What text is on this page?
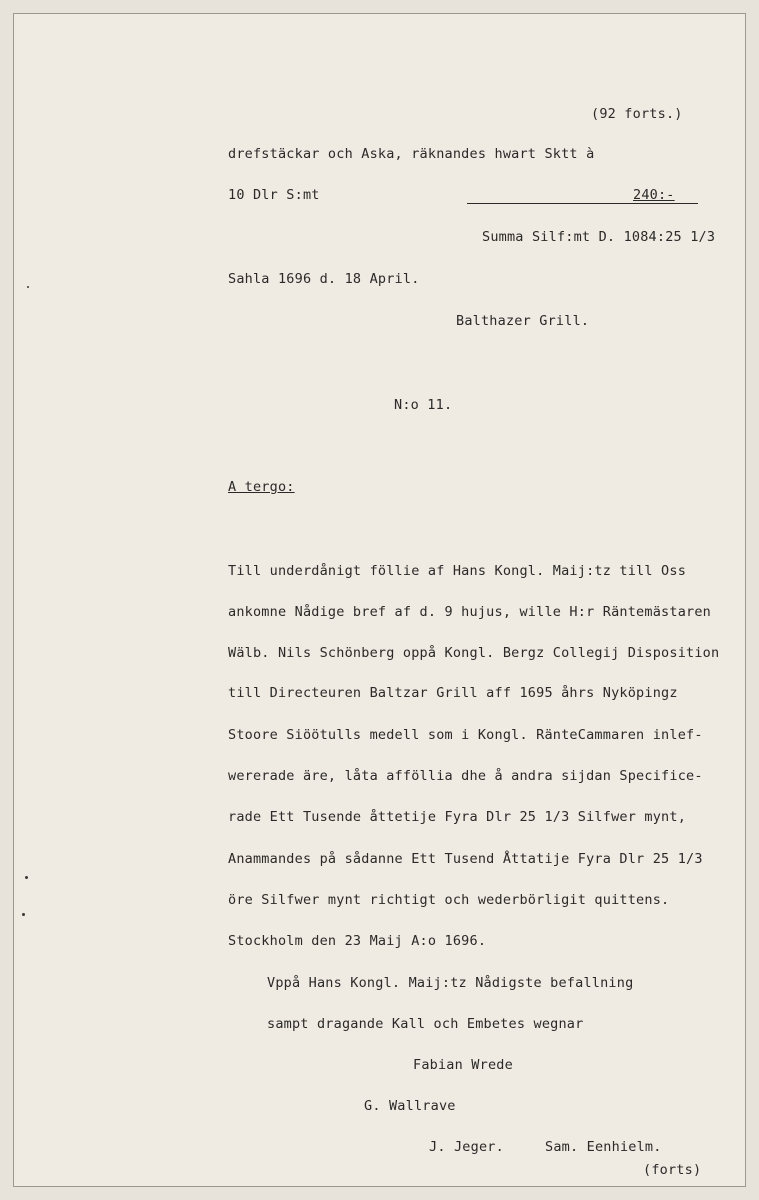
(92 forts.)
drefstäckar och Aska, räknandes hwart Sktt à
10 Dlr S:mt	240:-
Summa Silf:mt D. 1084:25 1/3
Sahla 1696 d. 18 April.
Balthazer Grill.
N:o 11.
A tergo:
Till underdånigt föllie af Hans Kongl. Maij:tz till Oss
ankomne Nådige bref af d. 9 hujus, wille H:r Räntemästaren
Wälb. Nils Schönberg oppå Kongl. Bergz Collegij Disposition
till Directeuren Baltzar Grill aff 1695 åhrs Nyköpingz
Stoore Siöötulls medell som i Kongl. RänteCammaren inlef-
wererade äre, låta afföllia dhe å andra sijdan Specifice-
rade Ett Tusende åttetije Fyra Dlr 25 1/3 Silfwer mynt,
Anammandes på sådanne Ett Tusend Åttatije Fyra Dlr 25 1/3
öre Silfwer mynt richtigt och wederbörligit quittens.
Stockholm den 23 Maij A:o 1696.
Vppå Hans Kongl. Maij:tz Nådigste befallning
sampt dragande Kall och Embetes wegnar
Fabian Wrede
G. Wallrave
J. Jeger.	Sam. Eenhielm.
(forts)
